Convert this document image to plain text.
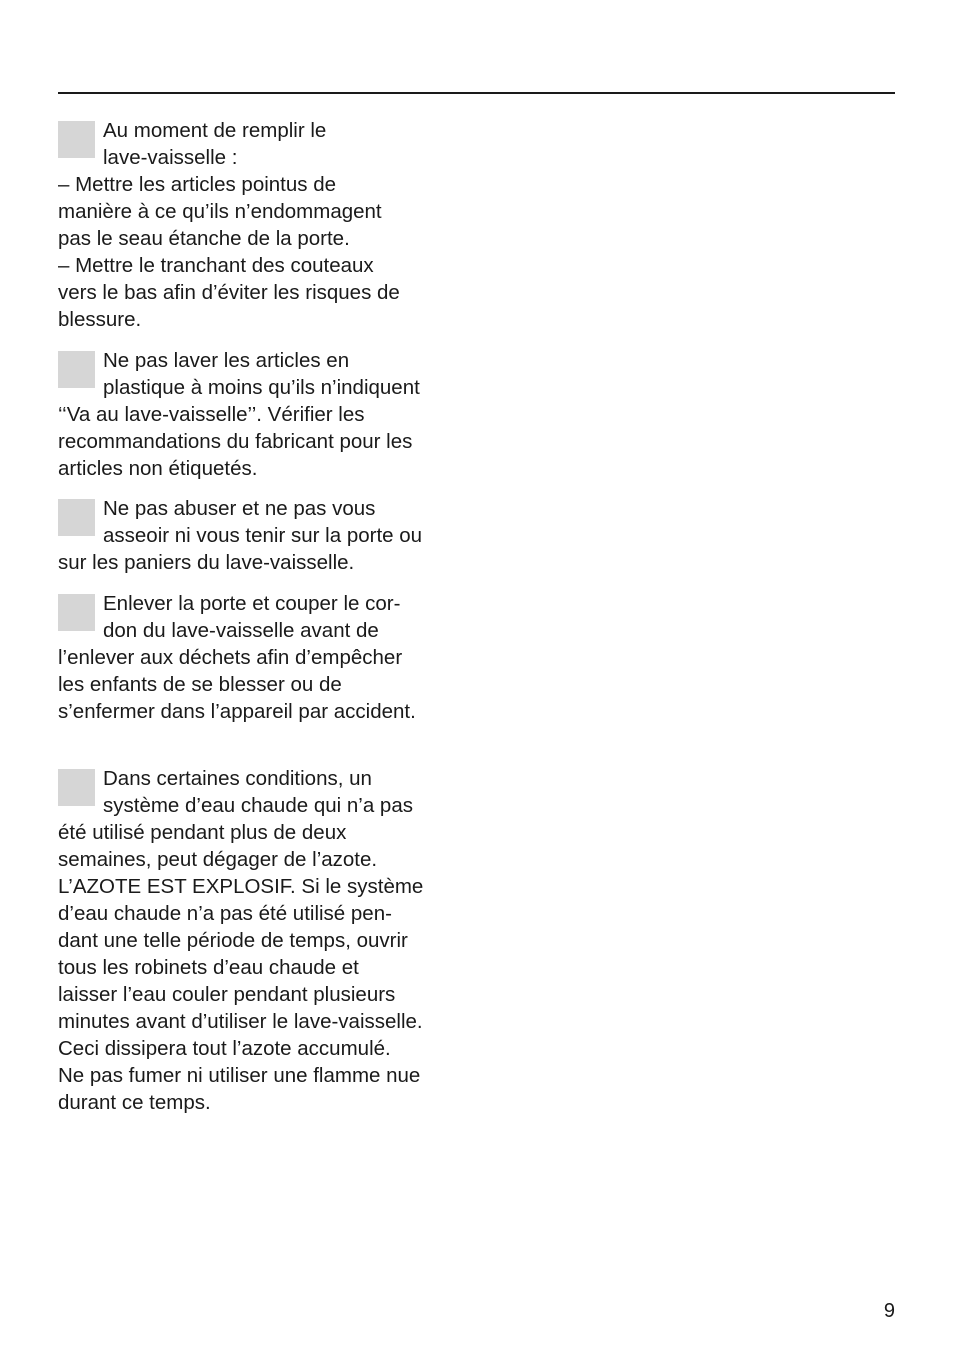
Au moment de remplir le
lave-vaisselle :
– Mettre les articles pointus de
manière à ce qu’ils n’endommagent
pas le seau étanche de la porte.
– Mettre le tranchant des couteaux
vers le bas afin d’éviter les risques de
blessure.
Ne pas laver les articles en
plastique à moins qu’ils n’indiquent
‘‘Va au lave-vaisselle’’. Vérifier les
recommandations du fabricant pour les
articles non étiquetés.
Ne pas abuser et ne pas vous
asseoir ni vous tenir sur la porte ou
sur les paniers du lave-vaisselle.
Enlever la porte et couper le cor-
don du lave-vaisselle avant de
l’enlever aux déchets afin d’empêcher
les enfants de se blesser ou de
s’enfermer dans l’appareil par accident.
Dans certaines conditions, un
système d’eau chaude qui n’a pas
été utilisé pendant plus de deux
semaines, peut dégager de l’azote.
L’AZOTE EST EXPLOSIF. Si le système
d’eau chaude n’a pas été utilisé pen-
dant une telle période de temps, ouvrir
tous les robinets d’eau chaude et
laisser l’eau couler pendant plusieurs
minutes avant d’utiliser le lave-vaisselle.
Ceci dissipera tout l’azote accumulé.
Ne pas fumer ni utiliser une flamme nue
durant ce temps.
9
